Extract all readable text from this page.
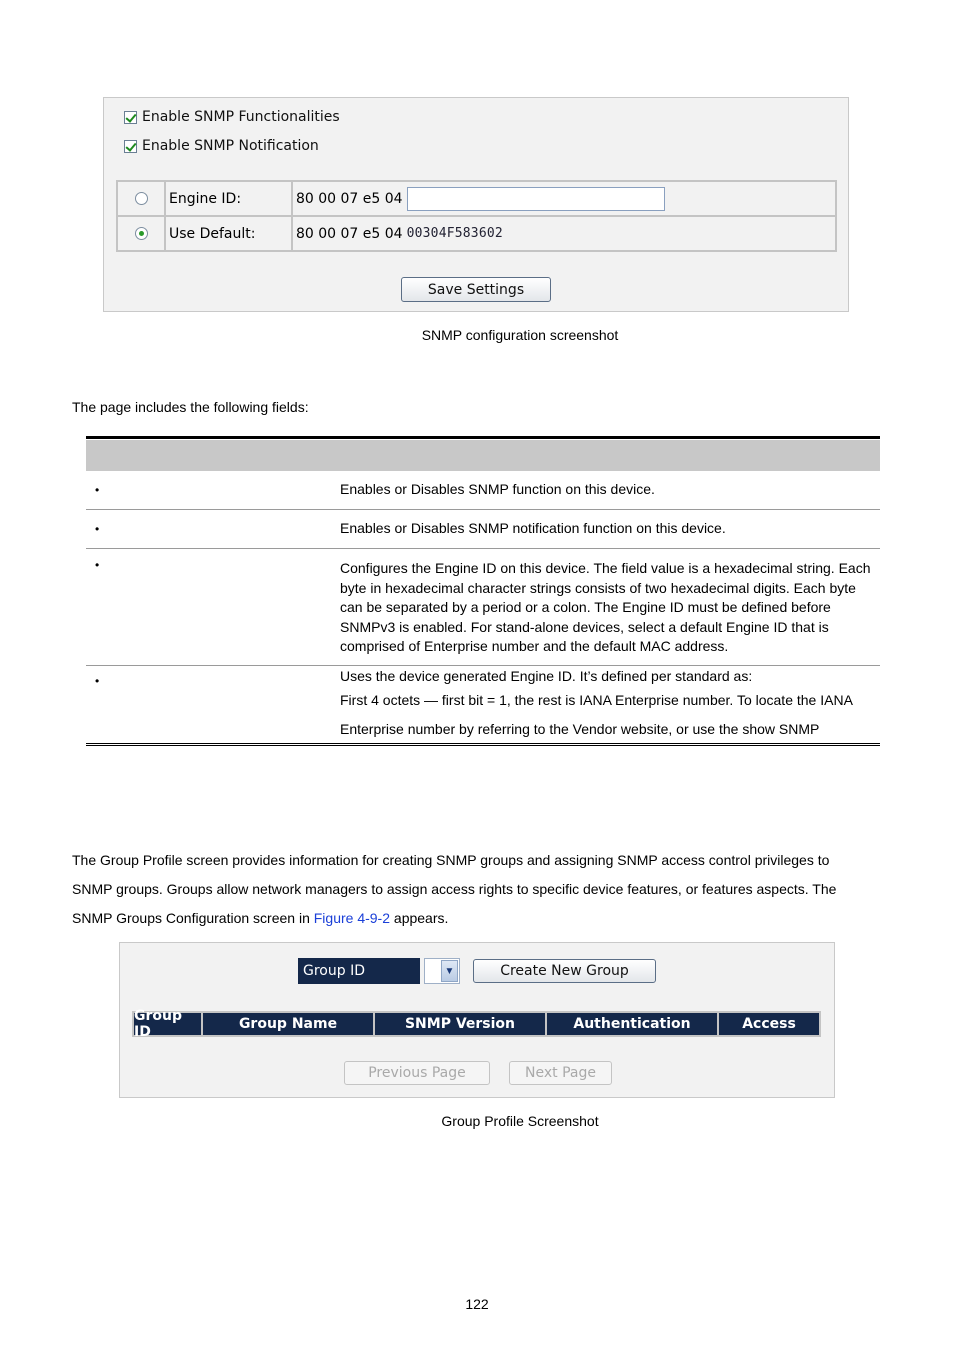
Enable SNMP Functionalities
Enable SNMP Notification
Engine ID:	80 00 07 e5 04
Use Default:	80 00 07 e5 04 00304F583602
Save Settings
SNMP configuration screenshot
The page includes the following fields:
•	Enables or Disables SNMP function on this device.
•	Enables or Disables SNMP notification function on this device.
•	Configures the Engine ID on this device. The field value is a hexadecimal string. Each byte in hexadecimal character strings consists of two hexadecimal digits. Each byte can be separated by a period or a colon. The Engine ID must be defined before SNMPv3 is enabled. For stand-alone devices, select a default Engine ID that is comprised of Enterprise number and the default MAC address.
•	Uses the device generated Engine ID. It’s defined per standard as:
First 4 octets — first bit = 1, the rest is IANA Enterprise number. To locate the IANA
Enterprise number by referring to the Vendor website, or use the show SNMP
The Group Profile screen provides information for creating SNMP groups and assigning SNMP access control privileges to
SNMP groups. Groups allow network managers to assign access rights to specific device features, or features aspects. The
SNMP Groups Configuration screen in Figure 4-9-2 appears.
Group ID	▼	Create New Group
Group ID	Group Name	SNMP Version	Authentication	Access
Previous Page	Next Page
Group Profile Screenshot
122
